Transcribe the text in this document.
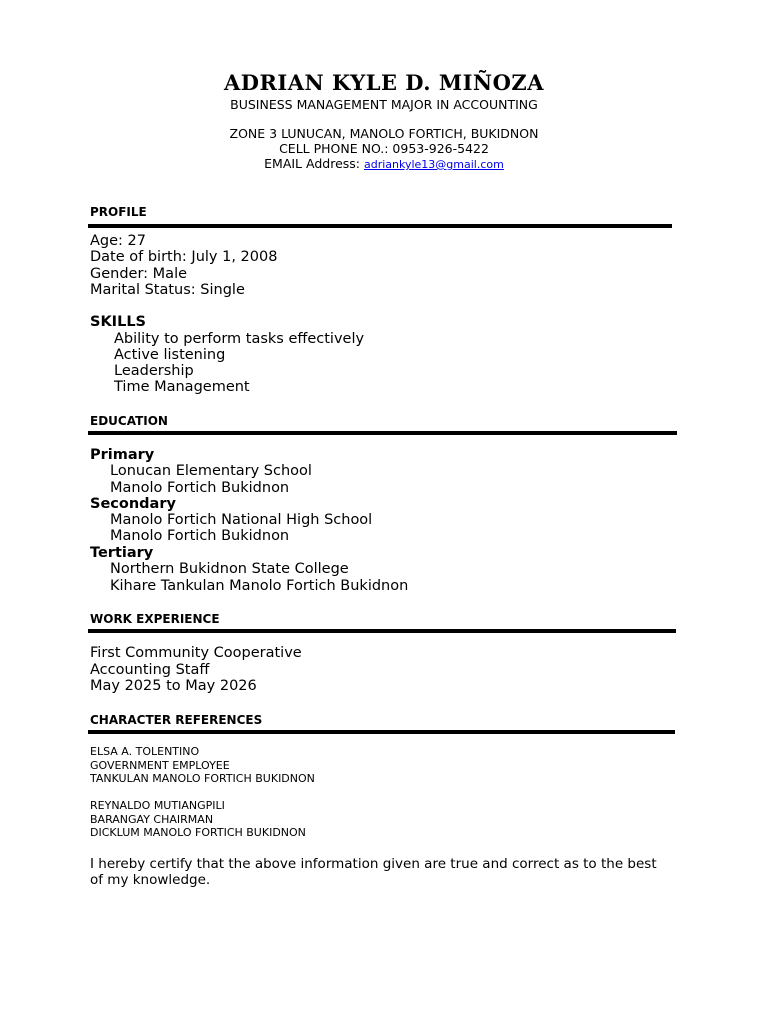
ADRIAN KYLE D. MIÑOZA
BUSINESS MANAGEMENT MAJOR IN ACCOUNTING
ZONE 3 LUNUCAN, MANOLO FORTICH, BUKIDNON
CELL PHONE NO.: 0953-926-5422
EMAIL Address: adriankyle13@gmail.com
PROFILE
Age: 27
Date of birth: July 1, 2008
Gender: Male
Marital Status: Single
SKILLS
Ability to perform tasks effectively
Active listening
Leadership
Time Management
EDUCATION
Primary
Lonucan Elementary School
Manolo Fortich Bukidnon
Secondary
Manolo Fortich National High School
Manolo Fortich Bukidnon
Tertiary
Northern Bukidnon State College
Kihare Tankulan Manolo Fortich Bukidnon
WORK EXPERIENCE
First Community Cooperative
Accounting Staff
May 2025 to May 2026
CHARACTER REFERENCES
ELSA A. TOLENTINO
GOVERNMENT EMPLOYEE
TANKULAN MANOLO FORTICH BUKIDNON
REYNALDO MUTIANGPILI
BARANGAY CHAIRMAN
DICKLUM MANOLO FORTICH BUKIDNON
I hereby certify that the above information given are true and correct as to the best
of my knowledge.
